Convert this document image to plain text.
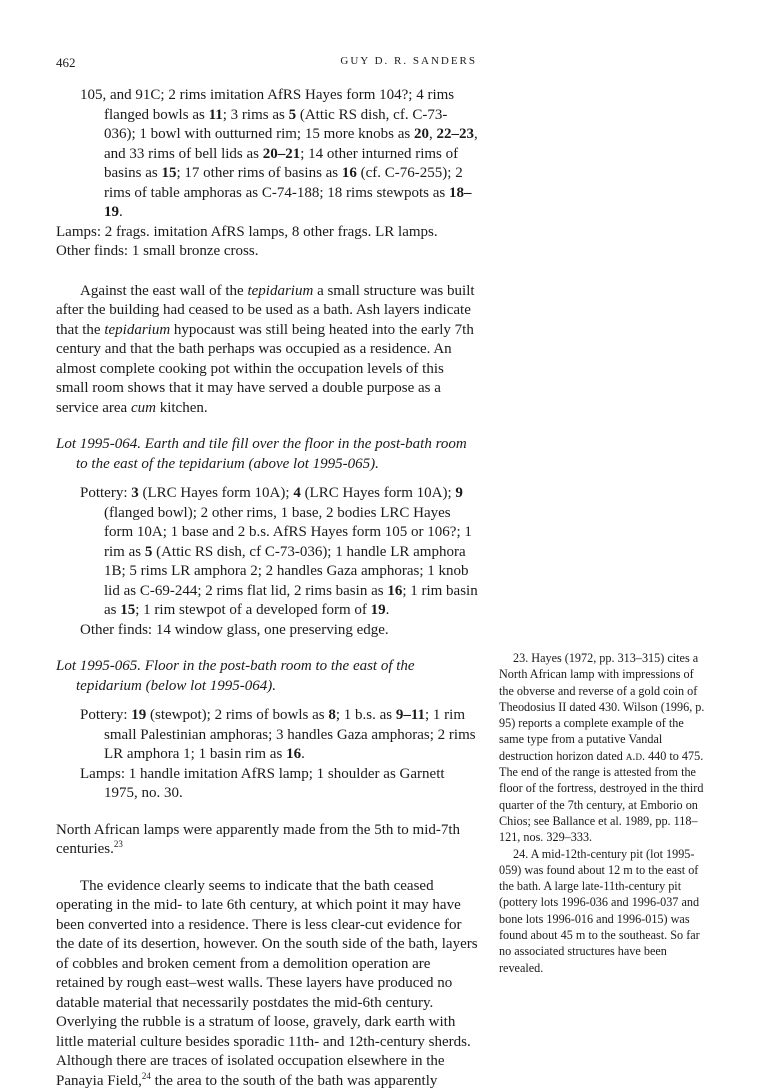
462	GUY D. R. SANDERS

105, and 91C; 2 rims imitation AfRS Hayes form 104?; 4 rims flanged bowls as 11; 3 rims as 5 (Attic RS dish, cf. C-73-036); 1 bowl with outturned rim; 15 more knobs as 20, 22–23, and 33 rims of bell lids as 20–21; 14 other inturned rims of basins as 15; 17 other rims of basins as 16 (cf. C-76-255); 2 rims of table amphoras as C-74-188; 18 rims stewpots as 18–19.

Lamps: 2 frags. imitation AfRS lamps, 8 other frags. LR lamps.

Other finds: 1 small bronze cross.

Against the east wall of the tepidarium a small structure was built after the building had ceased to be used as a bath. Ash layers indicate that the tepidarium hypocaust was still being heated into the early 7th century and that the bath perhaps was occupied as a residence. An almost complete cooking pot within the occupation levels of this small room shows that it may have served a double purpose as a service area cum kitchen.

Lot 1995-064. Earth and tile fill over the floor in the post-bath room to the east of the tepidarium (above lot 1995-065).

Pottery: 3 (LRC Hayes form 10A); 4 (LRC Hayes form 10A); 9 (flanged bowl); 2 other rims, 1 base, 2 bodies LRC Hayes form 10A; 1 base and 2 b.s. AfRS Hayes form 105 or 106?; 1 rim as 5 (Attic RS dish, cf C-73-036); 1 handle LR amphora 1B; 5 rims LR amphora 2; 2 handles Gaza amphoras; 1 knob lid as C-69-244; 2 rims flat lid, 2 rims basin as 16; 1 rim basin as 15; 1 rim stewpot of a developed form of 19.

Other finds: 14 window glass, one preserving edge.

Lot 1995-065. Floor in the post-bath room to the east of the tepidarium (below lot 1995-064).

Pottery: 19 (stewpot); 2 rims of bowls as 8; 1 b.s. as 9–11; 1 rim small Palestinian amphoras; 3 handles Gaza amphoras; 2 rims LR amphora 1; 1 basin rim as 16.

Lamps: 1 handle imitation AfRS lamp; 1 shoulder as Garnett 1975, no. 30.

North African lamps were apparently made from the 5th to mid-7th centuries.$^{23}$

The evidence clearly seems to indicate that the bath ceased operating in the mid- to late 6th century, at which point it may have been converted into a residence. There is less clear-cut evidence for the date of its desertion, however. On the south side of the bath, layers of cobbles and broken cement from a demolition operation are retained by rough east–west walls. These layers have produced no datable material that necessarily postdates the mid-6th century. Overlying the rubble is a stratum of loose, gravely, dark earth with little material culture besides sporadic 11th- and 12th-century sherds. Although there are traces of isolated occupation elsewhere in the Panayia Field,$^{24}$ the area to the south of the bath was apparently

23. Hayes (1972, pp. 313–315) cites a North African lamp with impressions of the obverse and reverse of a gold coin of Theodosius II dated 430. Wilson (1996, p. 95) reports a complete example of the same type from a putative Vandal destruction horizon dated a.d. 440 to 475. The end of the range is attested from the floor of the fortress, destroyed in the third quarter of the 7th century, at Emborio on Chios; see Ballance et al. 1989, pp. 118–121, nos. 329–333.

24. A mid-12th-century pit (lot 1995-059) was found about 12 m to the east of the bath. A large late-11th-century pit (pottery lots 1996-036 and 1996-037 and bone lots 1996-016 and 1996-015) was found about 45 m to the southeast. So far no associated structures have been revealed.
